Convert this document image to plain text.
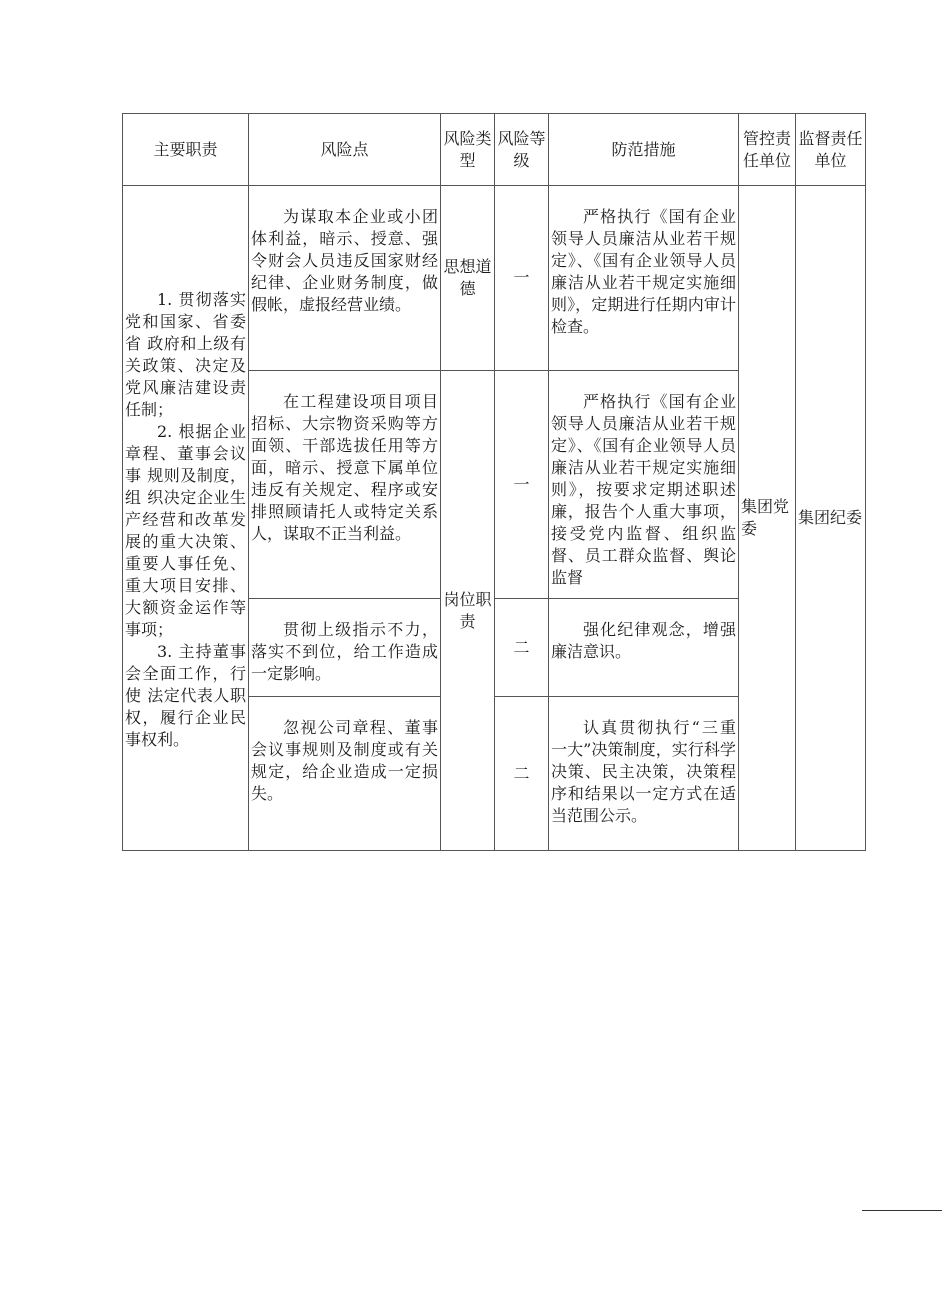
主要职责	风险点	风险类型	风险等级	防范措施	管控责任单位	监督责任单位

1. 贯彻落实党和国家、省委省 政府和上级有关政策、决定及党风廉洁建设责任制；
2. 根据企业 章程、董事会议事 规则及制度，组 织决定企业生产经营和改革发展的重大决策、重要人事任免、重大项目安排、大额资金运作等事项；
3. 主持董事 会全面工作，行使 法定代表人职 权，履行企业民 事权利。	为谋取本企业或小团体利益，暗示、授意、强令财会人员违反国家财经纪律、企业财务制度，做假帐，虚报经营业绩。	思想道德	一	严格执行《国有企业领导人员廉洁从业若干规 定》、《国有企业领导人员廉洁从业若干规定实施细 则》，定期进行任期内审计检查。	集团党委	集团纪委

	在工程建设项目项目招标、大宗物资采购等方面领、干部选拔任用等方面，暗示、授意下属单位违反有关规定、程序或安排照顾请托人或特定关系人，谋取不正当利益。	岗位职责	一	严格执行《国有企业领导人员廉洁从业若干规 定》、《国有企业领导人员廉洁从业若干规定实施细 则》，按要求定期述职述廉，报告个人重大事项，接受党内监督、组织监督、员工群众监督、舆论监督		

	贯彻上级指示不力，落实不到位，给工作造成一定影响。		二	强化纪律观念，增强廉洁意识。		

	忽视公司章程、董事会议事规则及制度或有关规定，给企业造成一定损失。		二	认真贯彻执行“三重 一大”决策制度，实行科学决策、民主决策，决策程序和结果以一定方式在适当范围公示。		
